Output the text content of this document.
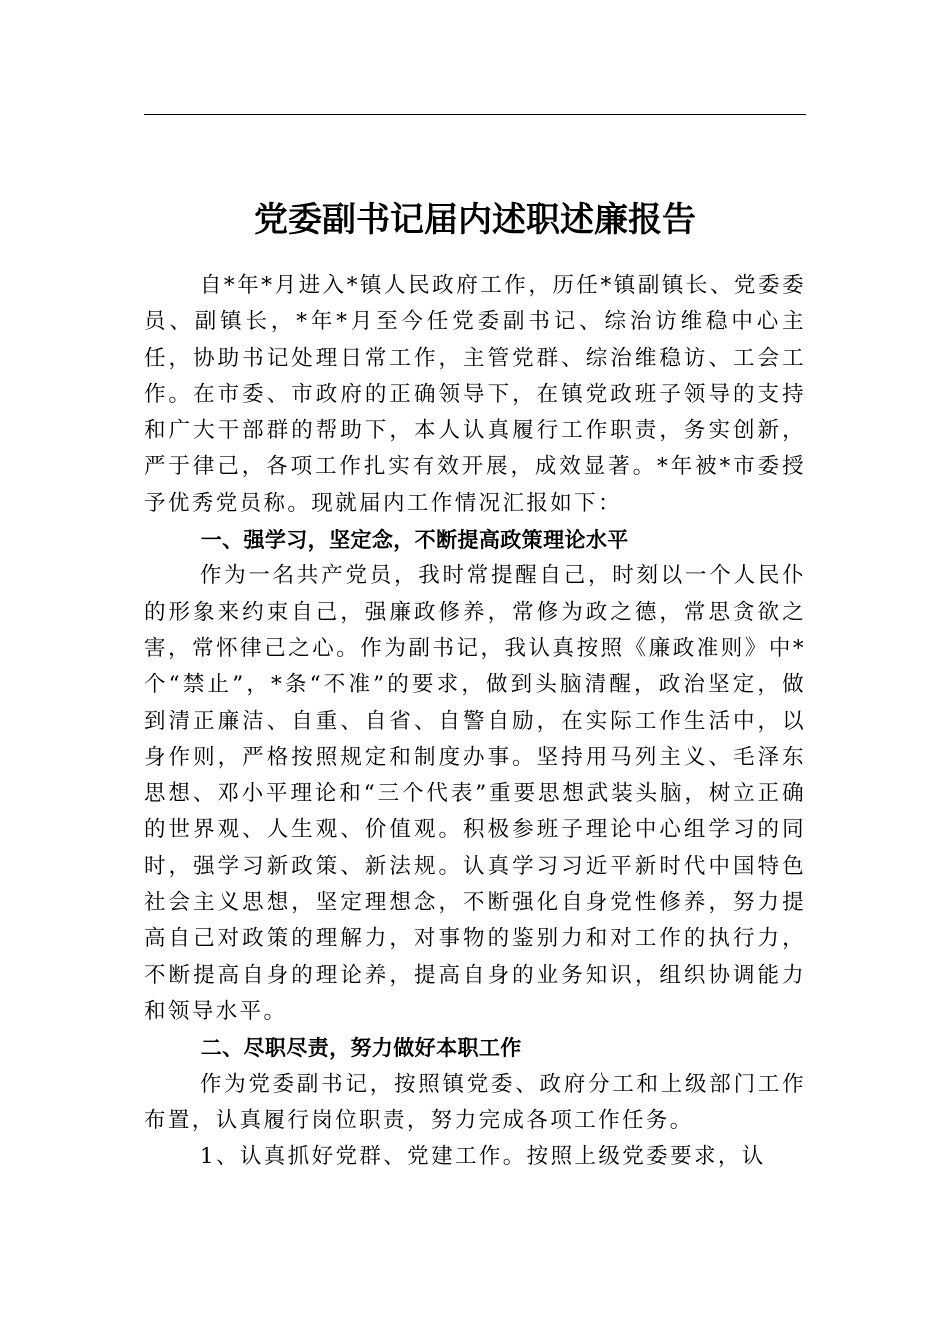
党委副书记届内述职述廉报告

自*年*月进入*镇人民政府工作，历任*镇副镇长、党委委员、副镇长，*年*月至今任党委副书记、综治访维稳中心主任，协助书记处理日常工作，主管党群、综治维稳访、工会工作。在市委、市政府的正确领导下，在镇党政班子领导的支持和广大干部群的帮助下，本人认真履行工作职责，务实创新，严于律己，各项工作扎实有效开展，成效显著。*年被*市委授予优秀党员称。现就届内工作情况汇报如下：

一、强学习，坚定念，不断提高政策理论水平

作为一名共产党员，我时常提醒自己，时刻以一个人民仆的形象来约束自己，强廉政修养，常修为政之德，常思贪欲之害，常怀律己之心。作为副书记，我认真按照《廉政准则》中*个“禁止”，*条“不准”的要求，做到头脑清醒，政治坚定，做到清正廉洁、自重、自省、自警自励，在实际工作生活中，以身作则，严格按照规定和制度办事。坚持用马列主义、毛泽东思想、邓小平理论和“三个代表”重要思想武装头脑，树立正确的世界观、人生观、价值观。积极参班子理论中心组学习的同时，强学习新政策、新法规。认真学习习近平新时代中国特色社会主义思想，坚定理想念，不断强化自身党性修养，努力提高自己对政策的理解力，对事物的鉴别力和对工作的执行力，不断提高自身的理论养，提高自身的业务知识，组织协调能力和领导水平。

二、尽职尽责，努力做好本职工作

作为党委副书记，按照镇党委、政府分工和上级部门工作布置，认真履行岗位职责，努力完成各项工作任务。

1、认真抓好党群、党建工作。按照上级党委要求，认
